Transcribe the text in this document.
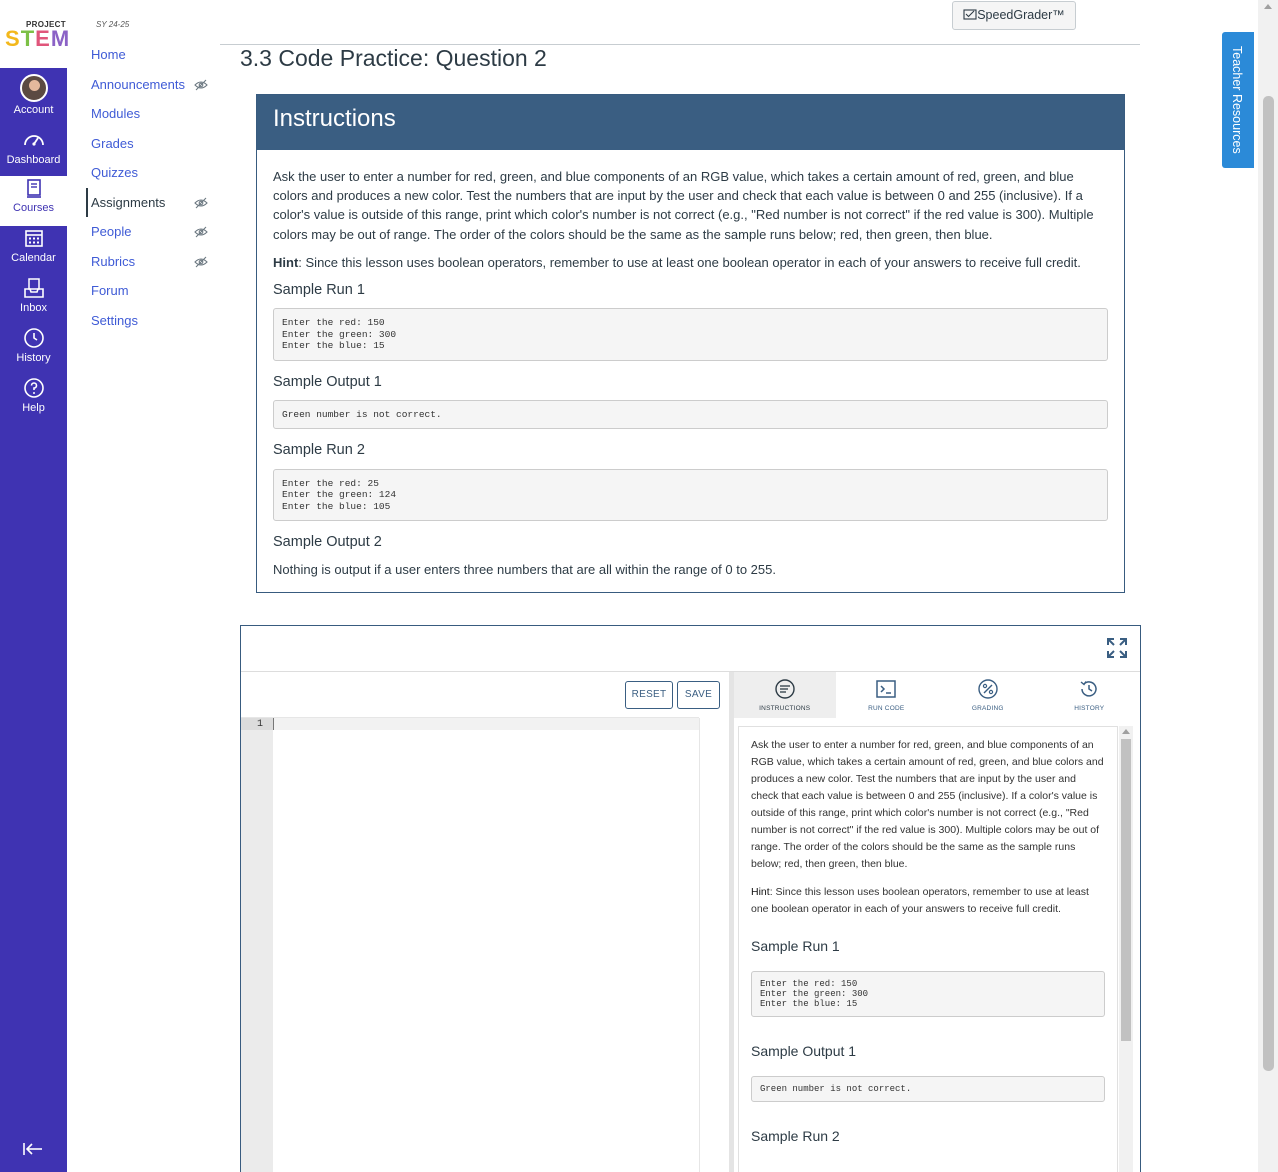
PROJECT
STEM
Account
Dashboard
Courses
Calendar
Inbox
History
Help
SY 24-25
Home
Announcements
Modules
Grades
Quizzes
Assignments
People
Rubrics
Forum
Settings
SpeedGrader™
3.3 Code Practice: Question 2	Teacher Resources
Instructions

Ask the user to enter a number for red, green, and blue components of an RGB value, which takes a certain amount of red, green, and blue colors and produces a new color. Test the numbers that are input by the user and check that each value is between 0 and 255 (inclusive). If a color's value is outside of this range, print which color's number is not correct (e.g., "Red number is not correct" if the red value is 300). Multiple colors may be out of range. The order of the colors should be the same as the sample runs below; red, then green, then blue.

Hint: Since this lesson uses boolean operators, remember to use at least one boolean operator in each of your answers to receive full credit.

Sample Run 1
Enter the red: 150
Enter the green: 300
Enter the blue: 15
Sample Output 1
Green number is not correct.
Sample Run 2
Enter the red: 25
Enter the green: 124
Enter the blue: 105
Sample Output 2

Nothing is output if a user enters three numbers that are all within the range of 0 to 255.

RESET	SAVE
1
INSTRUCTIONS	RUN CODE	GRADING	HISTORY

Ask the user to enter a number for red, green, and blue components of an RGB value, which takes a certain amount of red, green, and blue colors and produces a new color. Test the numbers that are input by the user and check that each value is between 0 and 255 (inclusive). If a color's value is outside of this range, print which color's number is not correct (e.g., "Red number is not correct" if the red value is 300). Multiple colors may be out of range. The order of the colors should be the same as the sample runs below; red, then green, then blue.

Hint: Since this lesson uses boolean operators, remember to use at least one boolean operator in each of your answers to receive full credit.

Sample Run 1
Enter the red: 150
Enter the green: 300
Enter the blue: 15
Sample Output 1
Green number is not correct.
Sample Run 2
